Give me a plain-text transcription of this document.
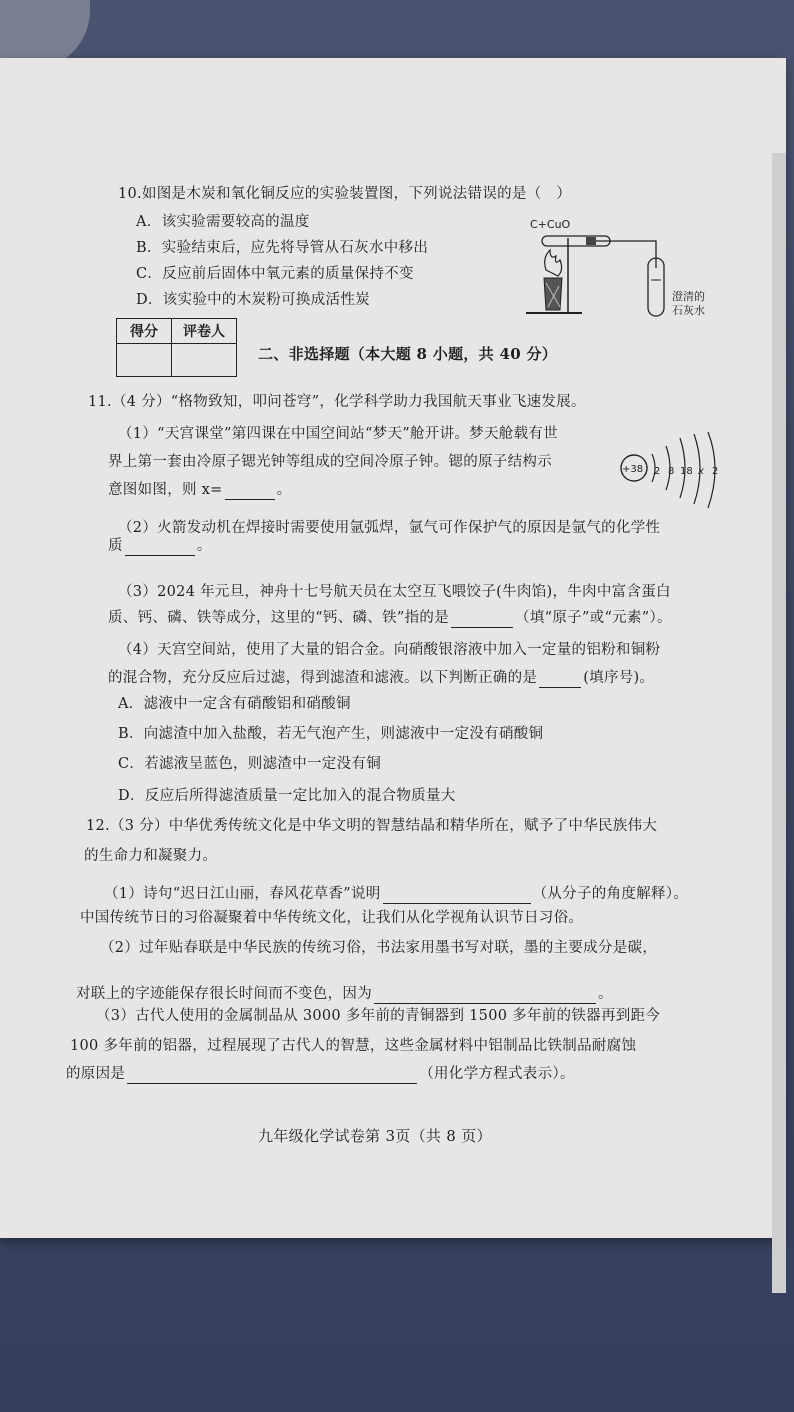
10.如图是木炭和氧化铜反应的实验装置图，下列说法错误的是（　）
A．该实验需要较高的温度
B．实验结束后，应先将导管从石灰水中移出
C．反应前后固体中氧元素的质量保持不变
D．该实验中的木炭粉可换成活性炭
C+CuO
澄清的
石灰水
得分	评卷人

二、非选择题（本大题 8 小题，共 40 分）
11.（4 分）“格物致知，叩问苍穹”，化学科学助力我国航天事业飞速发展。
（1）“天宫课堂”第四课在中国空间站“梦天”舱开讲。梦天舱载有世
界上第一套由冷原子锶光钟等组成的空间冷原子钟。锶的原子结构示
意图如图，则 x=	。
+38 2 8 18 x 2
（2）火箭发动机在焊接时需要使用氩弧焊，氩气可作保护气的原因是氩气的化学性
质	。
（3）2024 年元旦，神舟十七号航天员在太空互飞喂饺子(牛肉馅)，牛肉中富含蛋白
质、钙、磷、铁等成分，这里的“钙、磷、铁”指的是	（填“原子”或“元素”）。
（4）天宫空间站，使用了大量的铝合金。向硝酸银溶液中加入一定量的铝粉和铜粉
的混合物，充分反应后过滤，得到滤渣和滤液。以下判断正确的是	(填序号)。
A．滤液中一定含有硝酸铝和硝酸铜
B．向滤渣中加入盐酸，若无气泡产生，则滤液中一定没有硝酸铜
C．若滤液呈蓝色，则滤渣中一定没有铜
D．反应后所得滤渣质量一定比加入的混合物质量大
12.（3 分）中华优秀传统文化是中华文明的智慧结晶和精华所在，赋予了中华民族伟大
的生命力和凝聚力。
（1）诗句“迟日江山丽，春风花草香”说明	（从分子的角度解释）。
中国传统节日的习俗凝聚着中华传统文化，让我们从化学视角认识节日习俗。
（2）过年贴春联是中华民族的传统习俗，书法家用墨书写对联，墨的主要成分是碳，
对联上的字迹能保存很长时间而不变色，因为	。
（3）古代人使用的金属制品从 3000 多年前的青铜器到 1500 多年前的铁器再到距今
100 多年前的铝器，过程展现了古代人的智慧，这些金属材料中铝制品比铁制品耐腐蚀
的原因是	（用化学方程式表示）。
九年级化学试卷第 3页（共 8 页）
